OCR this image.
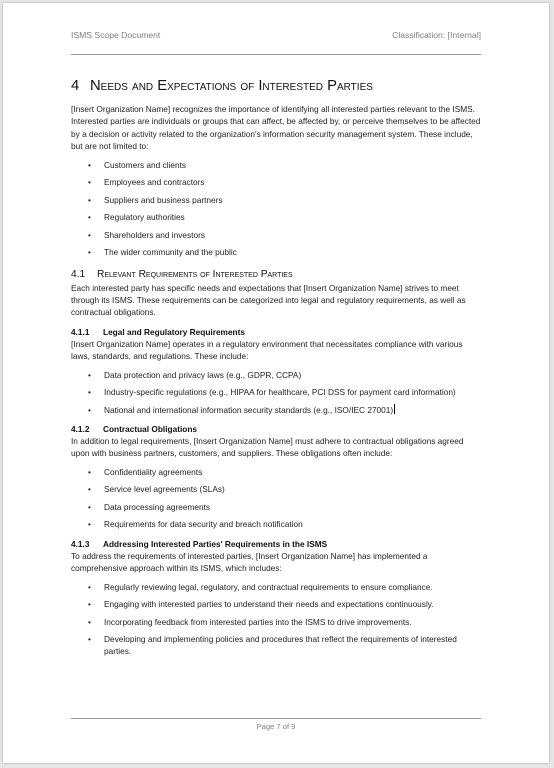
ISMS Scope Document	Classification: [Internal]
4 Needs and Expectations of Interested Parties

[Insert Organization Name] recognizes the importance of identifying all interested parties relevant to the ISMS. Interested parties are individuals or groups that can affect, be affected by, or perceive themselves to be affected by a decision or activity related to the organization's information security management system. These include, but are not limited to:

• Customers and clients
• Employees and contractors
• Suppliers and business partners
• Regulatory authorities
• Shareholders and investors
• The wider community and the public
4.1	Relevant Requirements of Interested Parties

Each interested party has specific needs and expectations that [Insert Organization Name] strives to meet through its ISMS. These requirements can be categorized into legal and regulatory requirements, as well as contractual obligations.

4.1.1	Legal and Regulatory Requirements

[Insert Organization Name] operates in a regulatory environment that necessitates compliance with various laws, standards, and regulations. These include:

• Data protection and privacy laws (e.g., GDPR, CCPA)
• Industry-specific regulations (e.g., HIPAA for healthcare, PCI DSS for payment card information)
• National and international information security standards (e.g., ISO/IEC 27001)
4.1.2	Contractual Obligations

In addition to legal requirements, [Insert Organization Name] must adhere to contractual obligations agreed upon with business partners, customers, and suppliers. These obligations often include:

• Confidentiality agreements
• Service level agreements (SLAs)
• Data processing agreements
• Requirements for data security and breach notification
4.1.3	Addressing Interested Parties' Requirements in the ISMS

To address the requirements of interested parties, [Insert Organization Name] has implemented a comprehensive approach within its ISMS, which includes:

• Regularly reviewing legal, regulatory, and contractual requirements to ensure compliance.
• Engaging with interested parties to understand their needs and expectations continuously.
• Incorporating feedback from interested parties into the ISMS to drive improvements.
• Developing and implementing policies and procedures that reflect the requirements of interested parties.
Page 7 of 9
